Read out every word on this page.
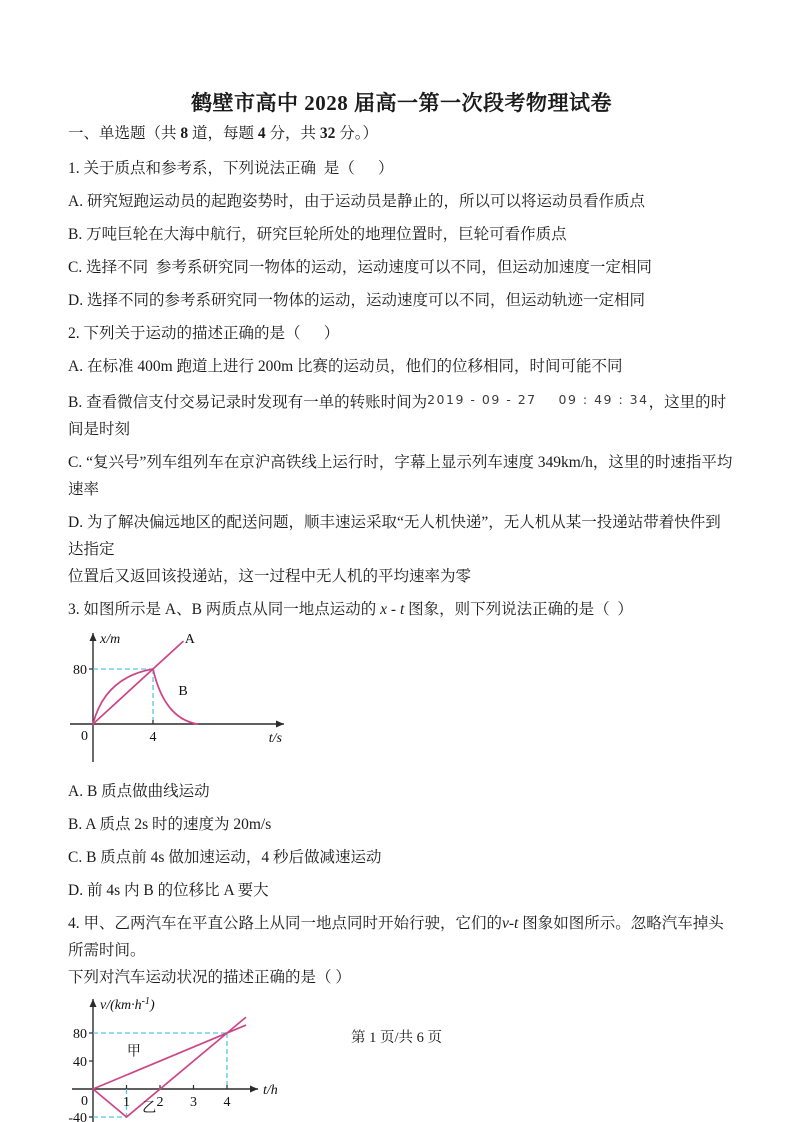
鹤壁市高中 2028 届高一第一次段考物理试卷

一、单选题（共 8 道，每题 4 分，共 32 分。）

1. 关于质点和参考系，下列说法正确  是（      ）

A. 研究短跑运动员的起跑姿势时，由于运动员是静止的，所以可以将运动员看作质点

B. 万吨巨轮在大海中航行，研究巨轮所处的地理位置时，巨轮可看作质点

C. 选择不同  参考系研究同一物体的运动，运动速度可以不同，但运动加速度一定相同

D. 选择不同的参考系研究同一物体的运动，运动速度可以不同，但运动轨迹一定相同

2. 下列关于运动的描述正确的是（      ）

A. 在标准 400m 跑道上进行 200m 比赛的运动员，他们的位移相同，时间可能不同

B. 查看微信支付交易记录时发现有一单的转账时间为2019 - 09 - 27    09 : 49 : 34，这里的时间是时刻

C. “复兴号”列车组列车在京沪高铁线上运行时，字幕上显示列车速度 349km/h，这里的时速指平均速率

D. 为了解决偏远地区的配送问题，顺丰速运采取“无人机快递”，无人机从某一投递站带着快件到达指定

位置后又返回该投递站，这一过程中无人机的平均速率为零

3. 如图所示是 A、B 两质点从同一地点运动的 x - t 图象，则下列说法正确的是（  ）

4
80
0
A
B
x/m
t/s

A. B 质点做曲线运动

B. A 质点 2s 时的速度为 20m/s

C. B 质点前 4s 做加速运动，4 秒后做减速运动

D. 前 4s 内 B 的位移比 A 要大

4. 甲、乙两汽车在平直公路上从同一地点同时开始行驶，它们的v-t 图象如图所示。忽略汽车掉头所需时间。

下列对汽车运动状况的描述正确的是（ ）

1 2 3 4
80
40
-40
0
甲
乙
$v/(km\cdot h^{-1})$
t/h
第 1 页/共 6 页
